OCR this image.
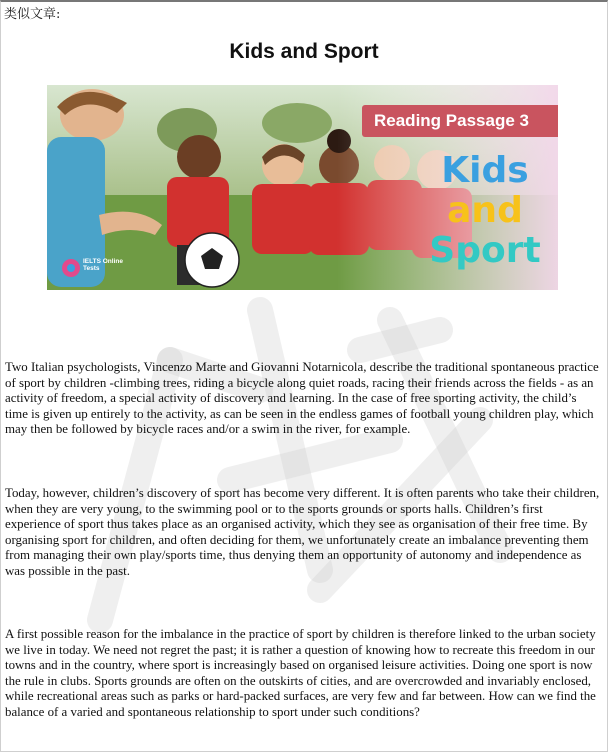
类似文章:
Kids and Sport
Reading Passage 3
Kids
and
Sport
IELTS Online Tests

Two Italian psychologists, Vincenzo Marte and Giovanni Notarnicola, describe the traditional spontaneous practice of sport by children -climbing trees, riding a bicycle along quiet roads, racing their friends across the fields - as an activity of freedom, a special activity of discovery and learning. In the case of free sporting activity, the child’s time is given up entirely to the activity, as can be seen in the endless games of football young children play, which may then be followed by bicycle races and/or a swim in the river, for example.

Today, however, children’s discovery of sport has become very different. It is often parents who take their children, when they are very young, to the swimming pool or to the sports grounds or sports halls. Children’s first experience of sport thus takes place as an organised activity, which they see as organisation of their free time. By organising sport for children, and often deciding for them, we unfortunately create an imbalance preventing them from managing their own play/sports time, thus denying them an opportunity of autonomy and independence as was possible in the past.

A first possible reason for the imbalance in the practice of sport by children is therefore linked to the urban society we live in today. We need not regret the past; it is rather a question of knowing how to recreate this freedom in our towns and in the country, where sport is increasingly based on organised leisure activities. Doing one sport is now the rule in clubs. Sports grounds are often on the outskirts of cities, and are overcrowded and invariably enclosed, while recreational areas such as parks or hard-packed surfaces, are very few and far between. How can we find the balance of a varied and spontaneous relationship to sport under such conditions?
